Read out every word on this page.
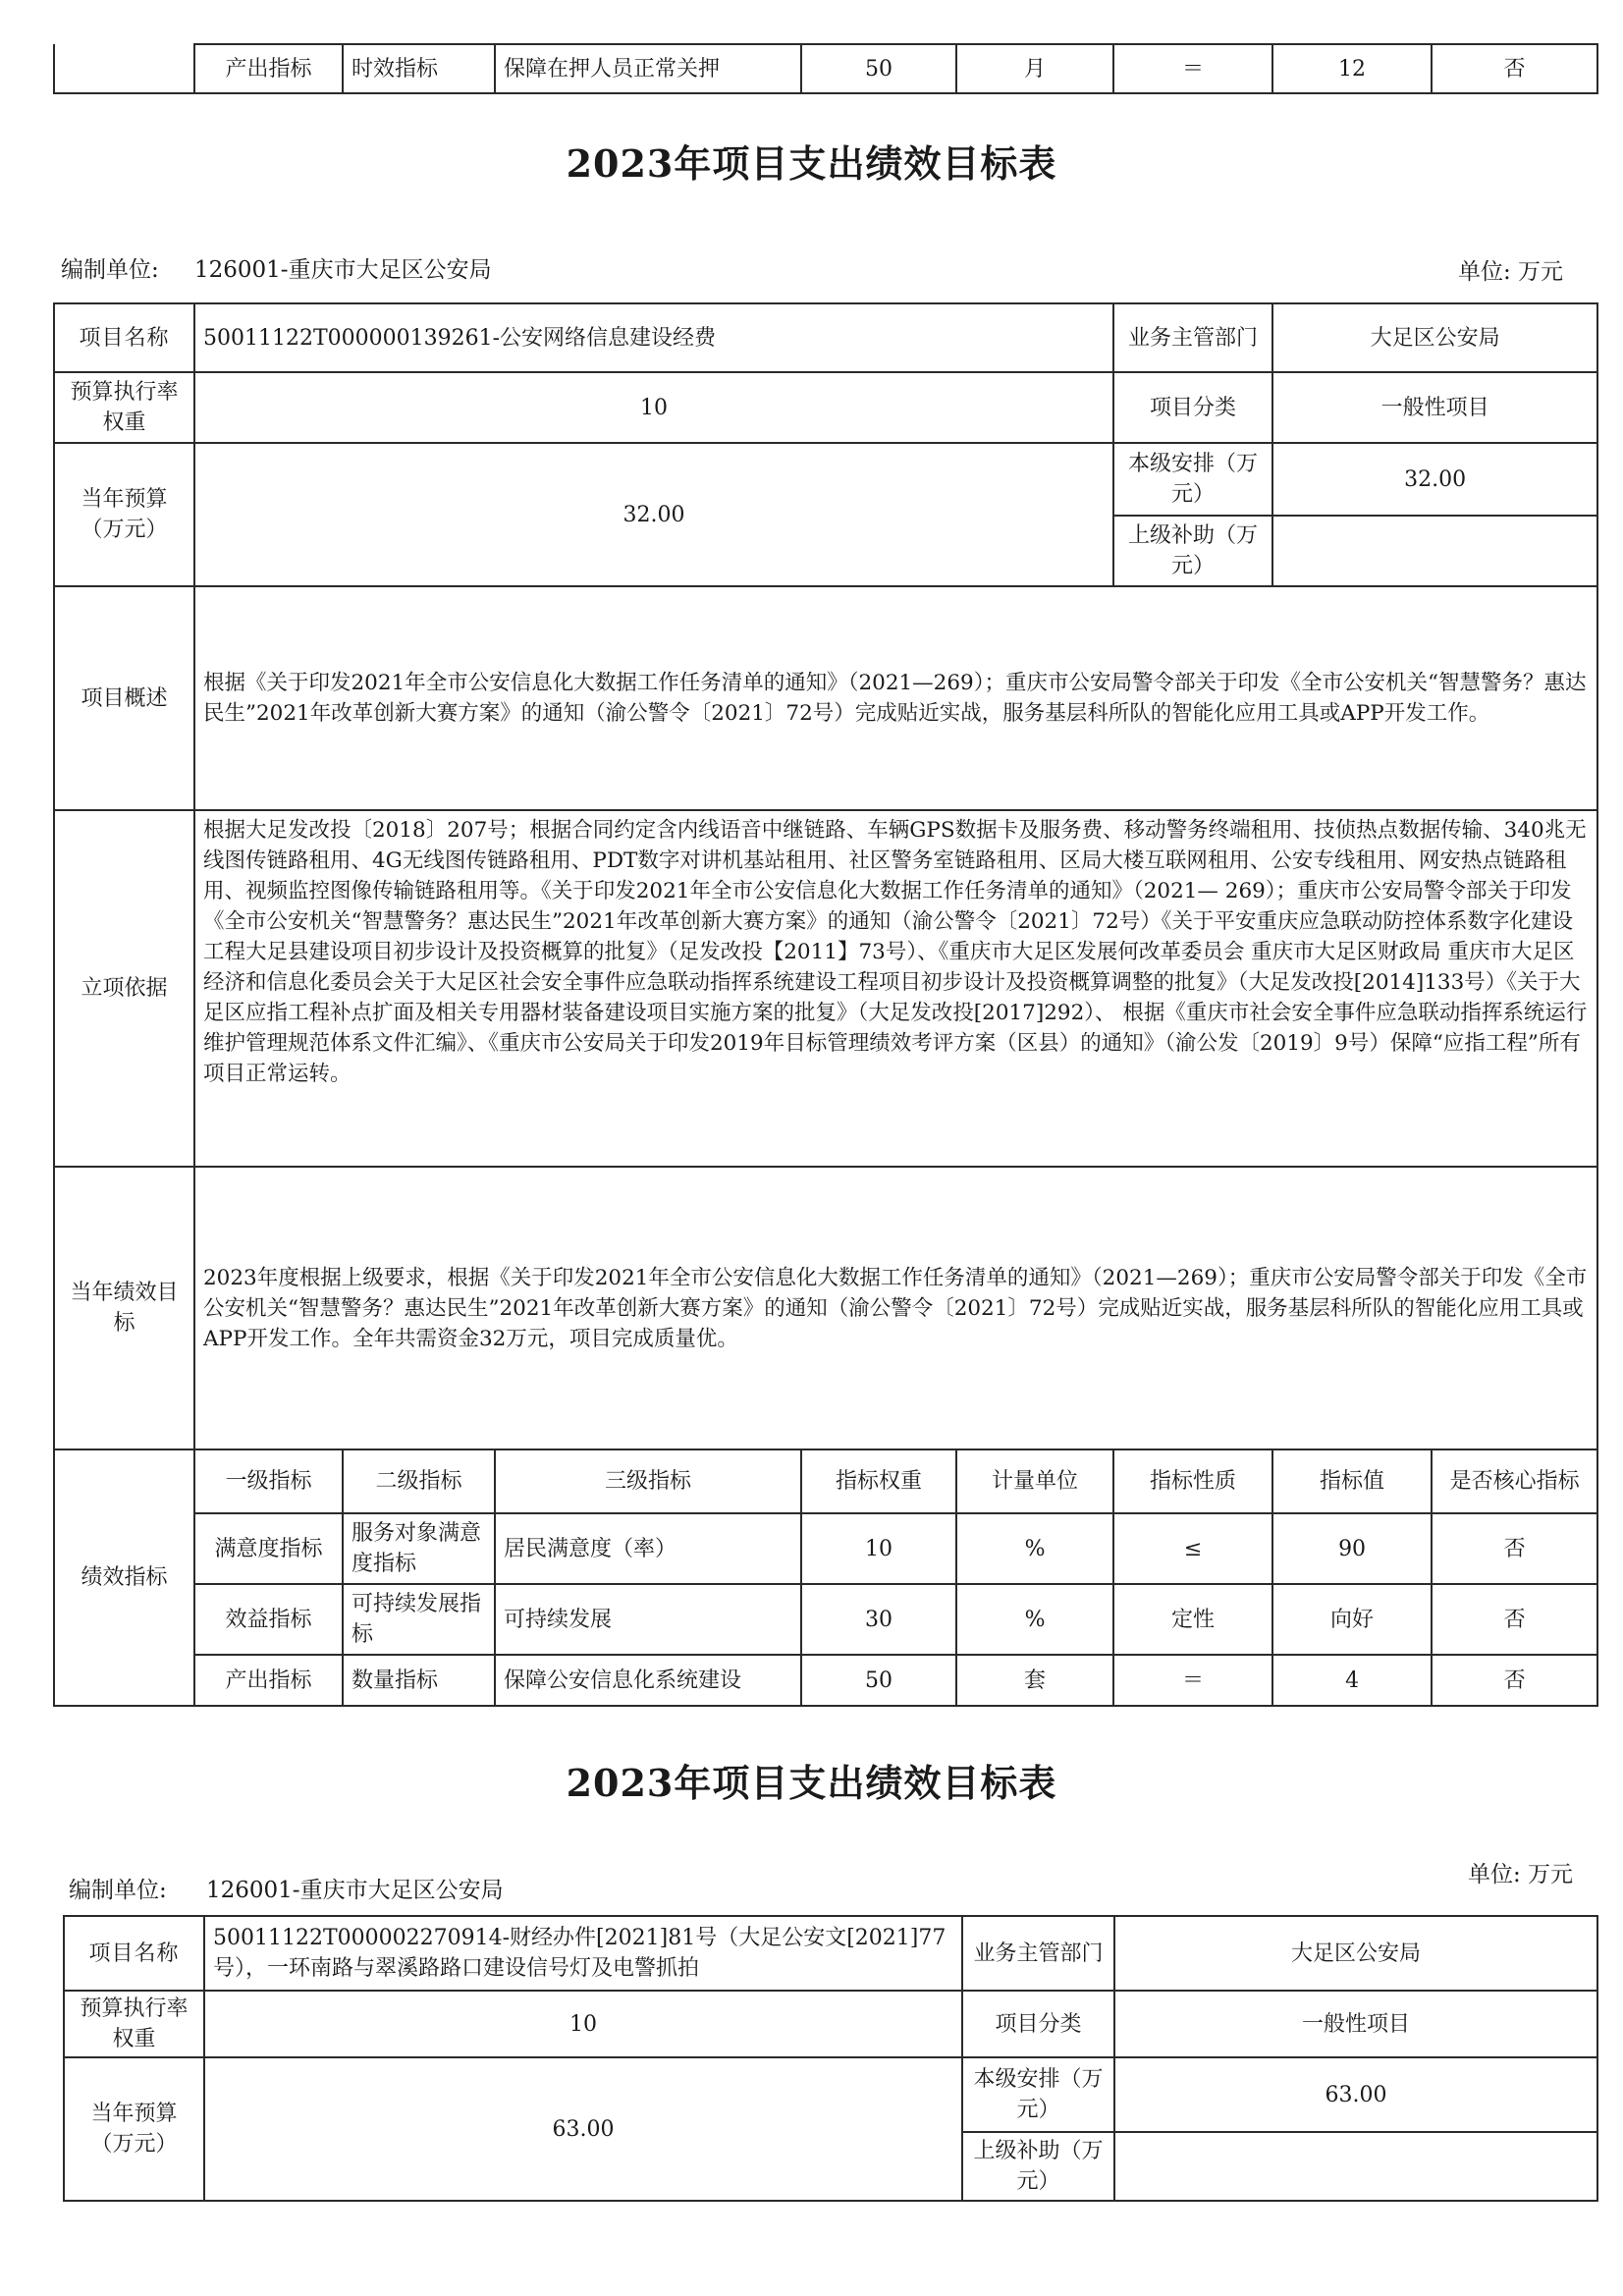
	产出指标	时效指标	保障在押人员正常关押	50	月	＝	12	否
2023年项目支出绩效目标表
编制单位: 126001-重庆市大足区公安局	单位: 万元
项目名称	50011122T000000139261-公安网络信息建设经费					业务主管部门	大足区公安局	
预算执行率权重	10					项目分类	一般性项目	
当年预算（万元）	32.00					本级安排（万元）	32.00	
						上级补助（万元）		
项目概述	根据《关于印发2021年全市公安信息化大数据工作任务清单的通知》（2021—269）；重庆市公安局警令部关于印发《全市公安机关“智慧警务？惠达民生”2021年改革创新大赛方案》的通知（渝公警令〔2021〕72号）完成贴近实战，服务基层科所队的智能化应用工具或APP开发工作。							
立项依据	根据大足发改投〔2018〕207号；根据合同约定含内线语音中继链路、车辆GPS数据卡及服务费、移动警务终端租用、技侦热点数据传输、340兆无线图传链路租用、4G无线图传链路租用、PDT数字对讲机基站租用、社区警务室链路租用、区局大楼互联网租用、公安专线租用、网安热点链路租用、视频监控图像传输链路租用等。《关于印发2021年全市公安信息化大数据工作任务清单的通知》（2021— 269）；重庆市公安局警令部关于印发《全市公安机关“智慧警务？惠达民生”2021年改革创新大赛方案》的通知（渝公警令〔2021〕72号）《关于平安重庆应急联动防控体系数字化建设工程大足县建设项目初步设计及投资概算的批复》（足发改投【2011】73号）、《重庆市大足区发展何改革委员会 重庆市大足区财政局 重庆市大足区经济和信息化委员会关于大足区社会安全事件应急联动指挥系统建设工程项目初步设计及投资概算调整的批复》（大足发改投[2014]133号）《关于大足区应指工程补点扩面及相关专用器材装备建设项目实施方案的批复》（大足发改投[2017]292）、 根据《重庆市社会安全事件应急联动指挥系统运行维护管理规范体系文件汇编》、《重庆市公安局关于印发2019年目标管理绩效考评方案（区县）的通知》（渝公发〔2019〕9号）保障“应指工程”所有项目正常运转。							
当年绩效目标	2023年度根据上级要求，根据《关于印发2021年全市公安信息化大数据工作任务清单的通知》（2021—269）；重庆市公安局警令部关于印发《全市公安机关“智慧警务？惠达民生”2021年改革创新大赛方案》的通知（渝公警令〔2021〕72号）完成贴近实战，服务基层科所队的智能化应用工具或APP开发工作。全年共需资金32万元，项目完成质量优。							
绩效指标	一级指标	二级指标	三级指标	指标权重	计量单位	指标性质	指标值	是否核心指标
	满意度指标	服务对象满意度指标	居民满意度（率）	10	%	≤	90	否
	效益指标	可持续发展指标	可持续发展	30	%	定性	向好	否
	产出指标	数量指标	保障公安信息化系统建设	50	套	＝	4	否
2023年项目支出绩效目标表
编制单位: 126001-重庆市大足区公安局
单位: 万元
项目名称	50011122T000002270914-财经办件[2021]81号（大足公安文[2021]77号），一环南路与翠溪路路口建设信号灯及电警抓拍	业务主管部门	大足区公安局
预算执行率权重	10	项目分类	一般性项目
当年预算（万元）	63.00	本级安排（万元）	63.00
		上级补助（万元）	
